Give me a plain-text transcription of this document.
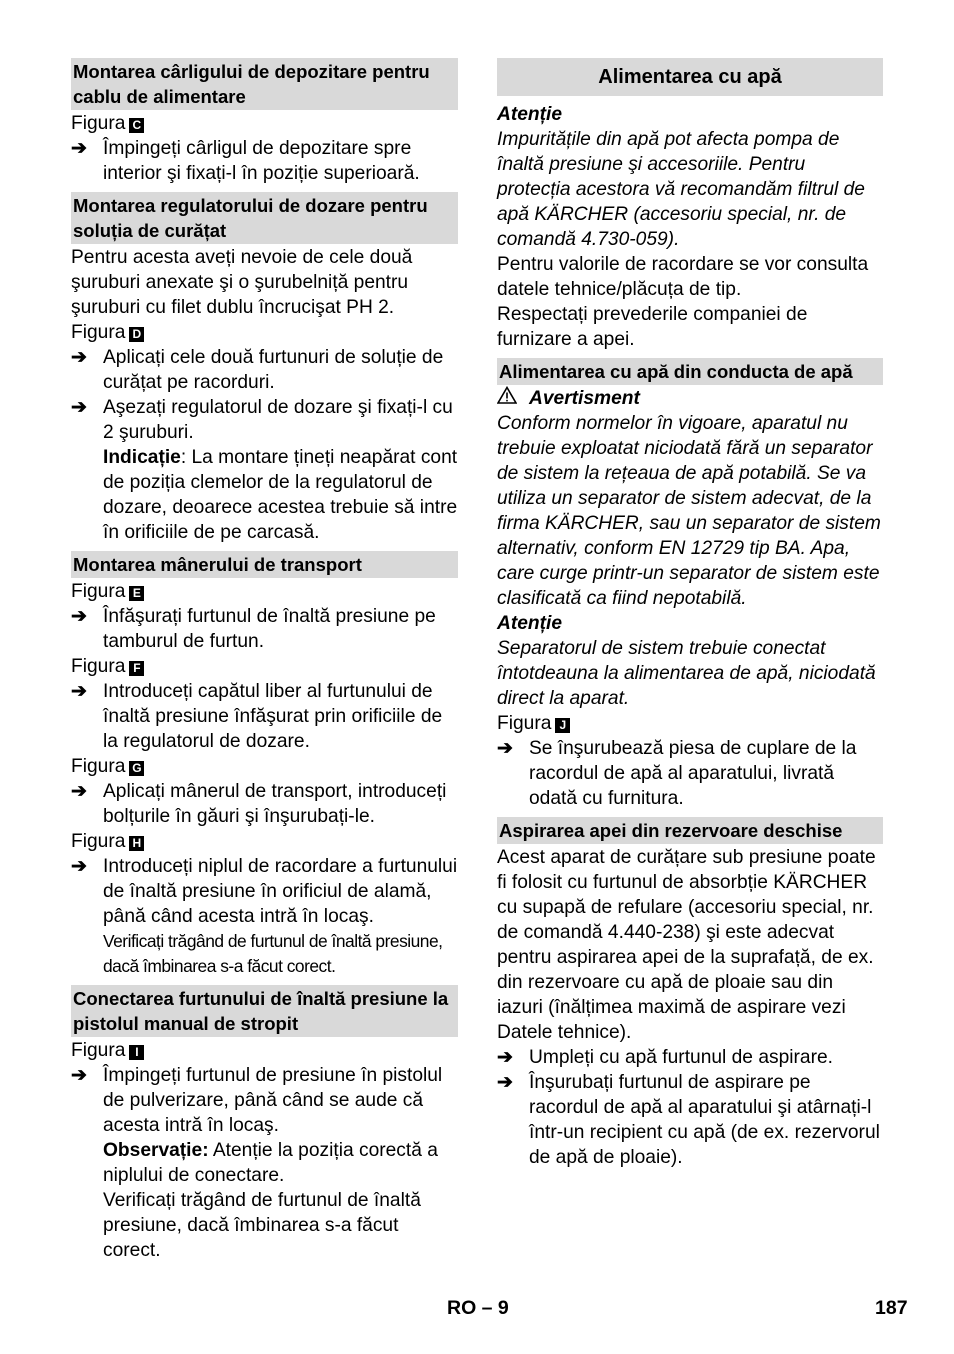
Montarea cârligului de depozitare pentru cablu de alimentare

Figura C

➔ Împingeți cârligul de depozitare spre interior şi fixați-l în poziție superioară.
Montarea regulatorului de dozare pentru soluția de curățat

Pentru acesta aveți nevoie de cele două şuruburi anexate şi o şurubelniță pentru şuruburi cu filet dublu încrucişat PH 2.

Figura D

➔ Aplicați cele două furtunuri de soluție de curățat pe racorduri.
➔ Aşezați regulatorul de dozare şi fixați-l cu 2 şuruburi.

Indicație: La montare țineți neapărat cont de poziția clemelor de la regulatorul de dozare, deoarece acestea trebuie să intre în orificiile de pe carcasă.

Montarea mânerului de transport

Figura E

➔ Înfăşurați furtunul de înaltă presiune pe tamburul de furtun.

Figura F

➔ Introduceți capătul liber al furtunului de înaltă presiune înfăşurat prin orificiile de la regulatorul de dozare.

Figura G

➔ Aplicați mânerul de transport, introduceți bolțurile în găuri şi înşurubați-le.

Figura H

➔ Introduceți niplul de racordare a furtunului de înaltă presiune în orificiul de alamă, până când acesta intră în locaş.

Verificați trăgând de furtunul de înaltă presiune, dacă îmbinarea s-a făcut corect.

Conectarea furtunului de înaltă presiune la pistolul manual de stropit

Figura I

➔ Împingeți furtunul de presiune în pistolul de pulverizare, până când se aude că acesta intră în locaş.

Observație: Atenție la poziția corectă a niplului de conectare.

Verificați trăgând de furtunul de înaltă presiune, dacă îmbinarea s-a făcut corect.

Alimentarea cu apă

Atenție

Impuritățile din apă pot afecta pompa de înaltă presiune şi accesoriile. Pentru protecția acestora vă recomandăm filtrul de apă KÄRCHER (accesoriu special, nr. de comandă 4.730-059).

Pentru valorile de racordare se vor consulta datele tehnice/plăcuța de tip.

Respectați prevederile companiei de furnizare a apei.

Alimentarea cu apă din conducta de apă
Avertisment

Conform normelor în vigoare, aparatul nu trebuie exploatat niciodată fără un separator de sistem la rețeaua de apă potabilă. Se va utiliza un separator de sistem adecvat, de la firma KÄRCHER, sau un separator de sistem alternativ, conform EN 12729 tip BA. Apa, care curge printr-un separator de sistem este clasificată ca fiind nepotabilă.

Atenție

Separatorul de sistem trebuie conectat întotdeauna la alimentarea de apă, niciodată direct la aparat.

Figura J

➔ Se înşurubează piesa de cuplare de la racordul de apă al aparatului, livrată odată cu furnitura.
Aspirarea apei din rezervoare deschise

Acest aparat de curățare sub presiune poate fi folosit cu furtunul de absorbție KÄRCHER cu supapă de refulare (accesoriu special, nr. de comandă 4.440-238) şi este adecvat pentru aspirarea apei de la suprafață, de ex. din rezervoare cu apă de ploaie sau din iazuri (înălțimea maximă de aspirare vezi Datele tehnice).

➔ Umpleți cu apă furtunul de aspirare.
➔ Înşurubați furtunul de aspirare pe racordul de apă al aparatului şi atârnați-l într-un recipient cu apă (de ex. rezervorul de apă de ploaie).
RO – 9	187
